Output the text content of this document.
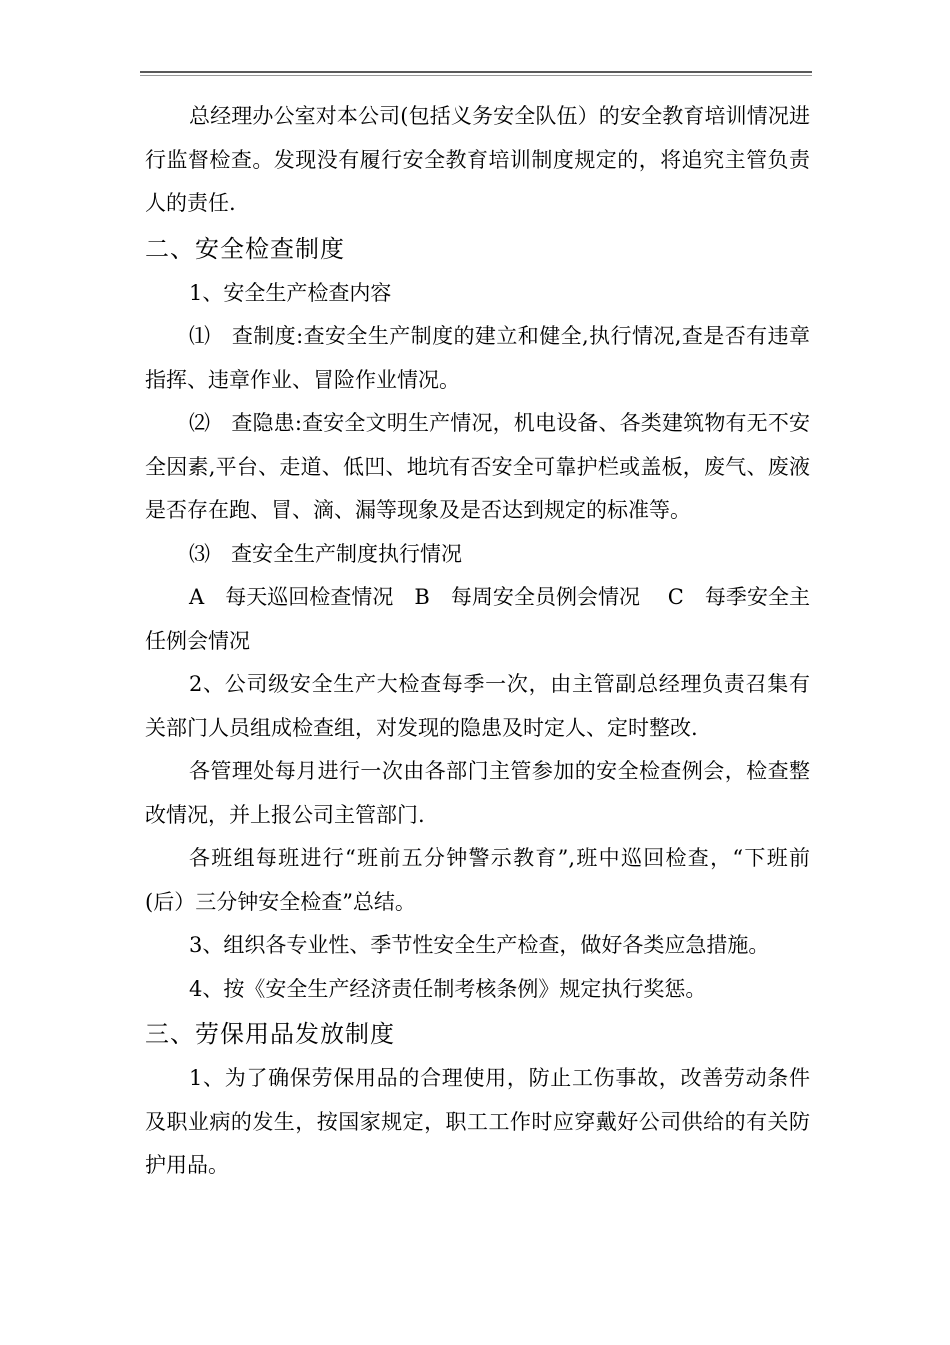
总经理办公室对本公司(包括义务安全队伍）的安全教育培训情况进行监督检查。发现没有履行安全教育培训制度规定的，将追究主管负责人的责任.

二、安全检查制度

1、安全生产检查内容

⑴　查制度:查安全生产制度的建立和健全,执行情况,查是否有违章指挥、违章作业、冒险作业情况。

⑵　查隐患:查安全文明生产情况，机电设备、各类建筑物有无不安全因素,平台、走道、低凹、地坑有否安全可靠护栏或盖板，废气、废液是否存在跑、冒、滴、漏等现象及是否达到规定的标准等。

⑶　查安全生产制度执行情况

A　每天巡回检查情况　B　每周安全员例会情况　 C　每季安全主任例会情况

2、公司级安全生产大检查每季一次，由主管副总经理负责召集有关部门人员组成检查组，对发现的隐患及时定人、定时整改.

各管理处每月进行一次由各部门主管参加的安全检查例会，检查整改情况，并上报公司主管部门.

各班组每班进行“班前五分钟警示教育”,班中巡回检查，“下班前(后）三分钟安全检查”总结。

3、组织各专业性、季节性安全生产检查，做好各类应急措施。

4、按《安全生产经济责任制考核条例》规定执行奖惩。

三、劳保用品发放制度

1、为了确保劳保用品的合理使用，防止工伤事故，改善劳动条件及职业病的发生，按国家规定，职工工作时应穿戴好公司供给的有关防护用品。
